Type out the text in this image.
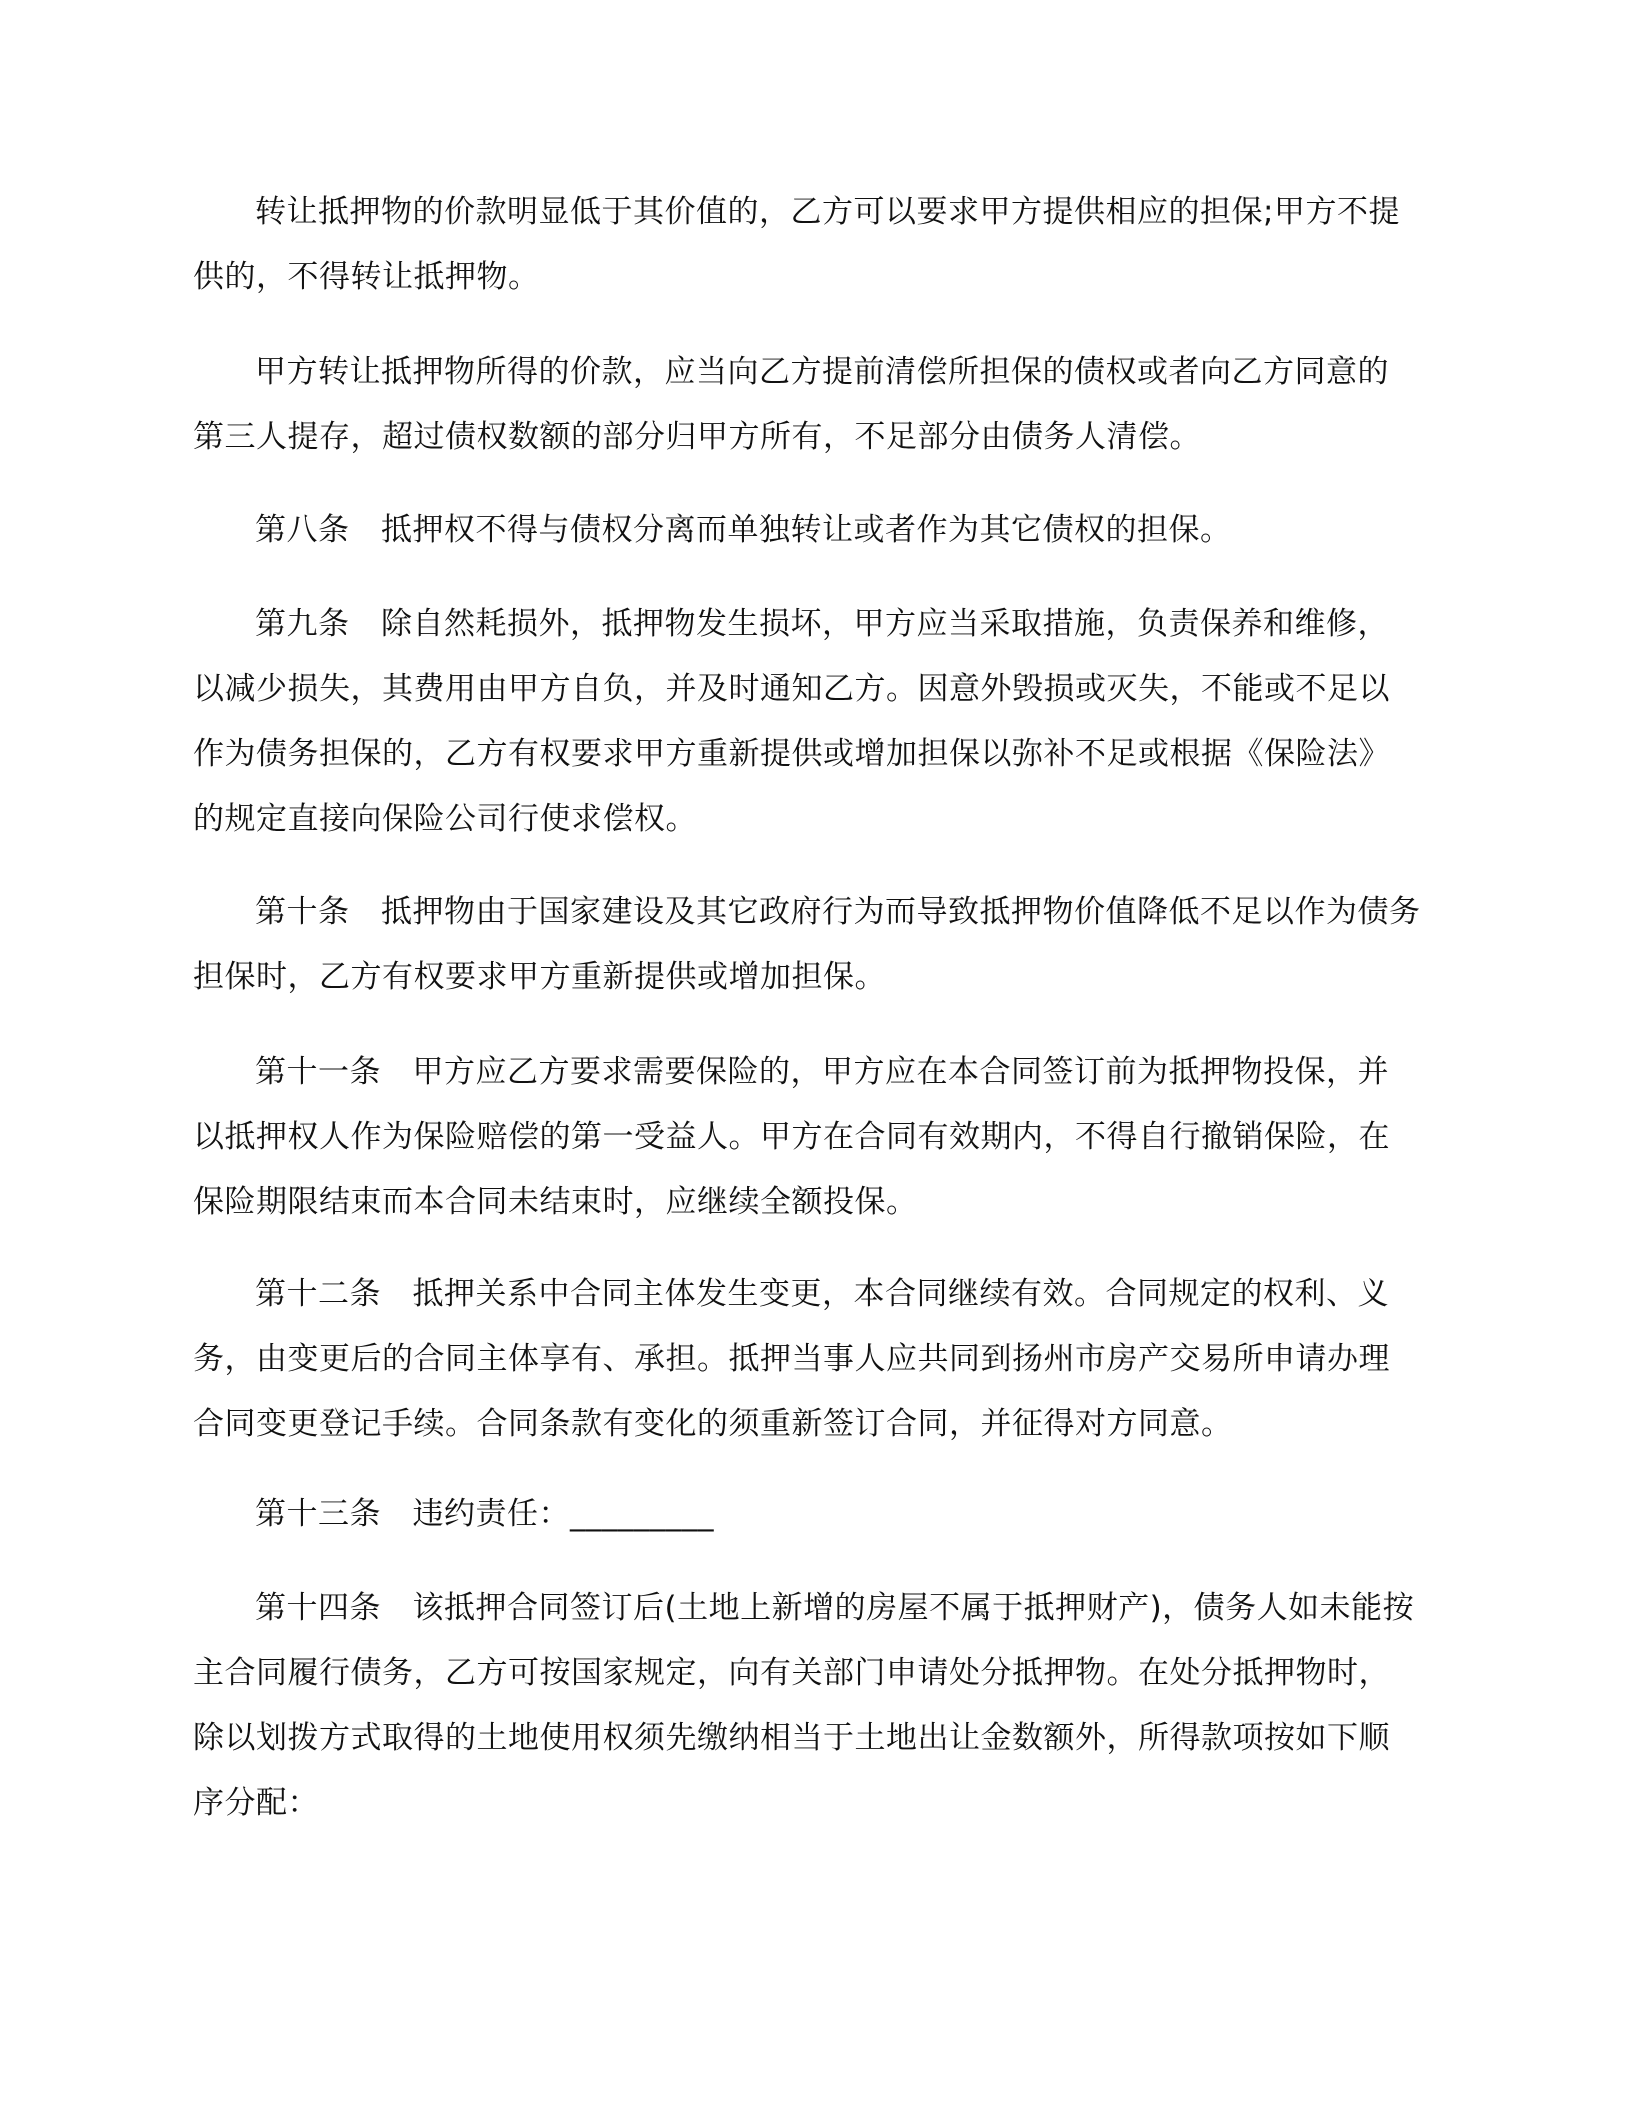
转让抵押物的价款明显低于其价值的，乙方可以要求甲方提供相应的担保;甲方不提
供的，不得转让抵押物。
甲方转让抵押物所得的价款，应当向乙方提前清偿所担保的债权或者向乙方同意的
第三人提存，超过债权数额的部分归甲方所有，不足部分由债务人清偿。
第八条　抵押权不得与债权分离而单独转让或者作为其它债权的担保。
第九条　除自然耗损外，抵押物发生损坏，甲方应当采取措施，负责保养和维修，
以减少损失，其费用由甲方自负，并及时通知乙方。因意外毁损或灭失，不能或不足以
作为债务担保的，乙方有权要求甲方重新提供或增加担保以弥补不足或根据《保险法》
的规定直接向保险公司行使求偿权。
第十条　抵押物由于国家建设及其它政府行为而导致抵押物价值降低不足以作为债务
担保时，乙方有权要求甲方重新提供或增加担保。
第十一条　甲方应乙方要求需要保险的，甲方应在本合同签订前为抵押物投保，并
以抵押权人作为保险赔偿的第一受益人。甲方在合同有效期内，不得自行撤销保险，在
保险期限结束而本合同未结束时，应继续全额投保。
第十二条　抵押关系中合同主体发生变更，本合同继续有效。合同规定的权利、义
务，由变更后的合同主体享有、承担。抵押当事人应共同到扬州市房产交易所申请办理
合同变更登记手续。合同条款有变化的须重新签订合同，并征得对方同意。
第十三条　违约责任：_________
第十四条　该抵押合同签订后(土地上新增的房屋不属于抵押财产)，债务人如未能按
主合同履行债务，乙方可按国家规定，向有关部门申请处分抵押物。在处分抵押物时，
除以划拨方式取得的土地使用权须先缴纳相当于土地出让金数额外，所得款项按如下顺
序分配：
